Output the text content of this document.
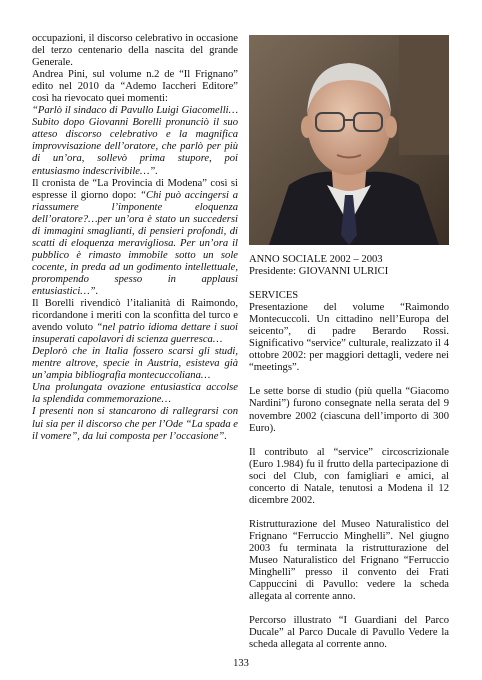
occupazioni, il discorso celebrativo in occasione del terzo centenario della nascita del grande Generale.

Andrea Pini, sul volume n.2 de “Il Frignano” edito nel 2010 da “Ademo Iaccheri Editore” così ha rievocato quei momenti:

“Parlò il sindaco di Pavullo Luigi Giacomelli…Subito dopo Giovanni Borelli pronunciò il suo atteso discorso celebrativo e la magnifica improvvisazione dell’oratore, che parlò per più di un’ora, sollevò prima stupore, poi entusiasmo indescrivibile…”.

Il cronista de “La Provincia di Modena” così si espresse il giorno dopo: “Chi può accingersi a riassumere l’imponente eloquenza dell’oratore?…per un’ora è stato un succedersi di immagini smaglianti, di pensieri profondi, di scatti di eloquenza meravigliosa. Per un’ora il pubblico è rimasto immobile sotto un sole cocente, in preda ad un godimento intellettuale, prorompendo spesso in applausi entusiastici…”.

Il Borelli rivendicò l’italianità di Raimondo, ricordandone i meriti con la sconfitta del turco e avendo voluto “nel patrio idioma dettare i suoi insuperati capolavori di scienza guerresca…

Deplorò che in Italia fossero scarsi gli studi, mentre altrove, specie in Austria, esisteva già un’ampia bibliografia montecuccoliana…

Una prolungata ovazione entusiastica accolse la splendida commemorazione…

I presenti non si stancarono di rallegrarsi con lui sia per il discorso che per l’Ode “La spada e il vomere”, da lui composta per l’occasione”.

ANNO SOCIALE 2002 – 2003

Presidente: GIOVANNI ULRICI

SERVICES

Presentazione del volume “Raimondo Montecuccoli. Un cittadino nell’Europa del seicento”, di padre Berardo Rossi. Significativo “service” culturale, realizzato il 4 ottobre 2002: per maggiori dettagli, vedere nei “meetings”.

Le sette borse di studio (più quella “Giacomo Nardini”) furono consegnate nella serata del 9 novembre 2002 (ciascuna dell’importo di 300 Euro).

Il contributo al “service” circoscrizionale (Euro 1.984) fu il frutto della partecipazione di soci del Club, con famigliari e amici, al concerto di Natale, tenutosi a Modena il 12 dicembre 2002.

Ristrutturazione del Museo Naturalistico del Frignano “Ferruccio Minghelli”. Nel giugno 2003 fu terminata la ristrutturazione del Museo Naturalistico del Frignano “Ferruccio Minghelli” presso il convento dei Frati Cappuccini di Pavullo: vedere la scheda allegata al corrente anno.

Percorso illustrato “I Guardiani del Parco Ducale” al Parco Ducale di Pavullo Vedere la scheda allegata al corrente anno.

133
